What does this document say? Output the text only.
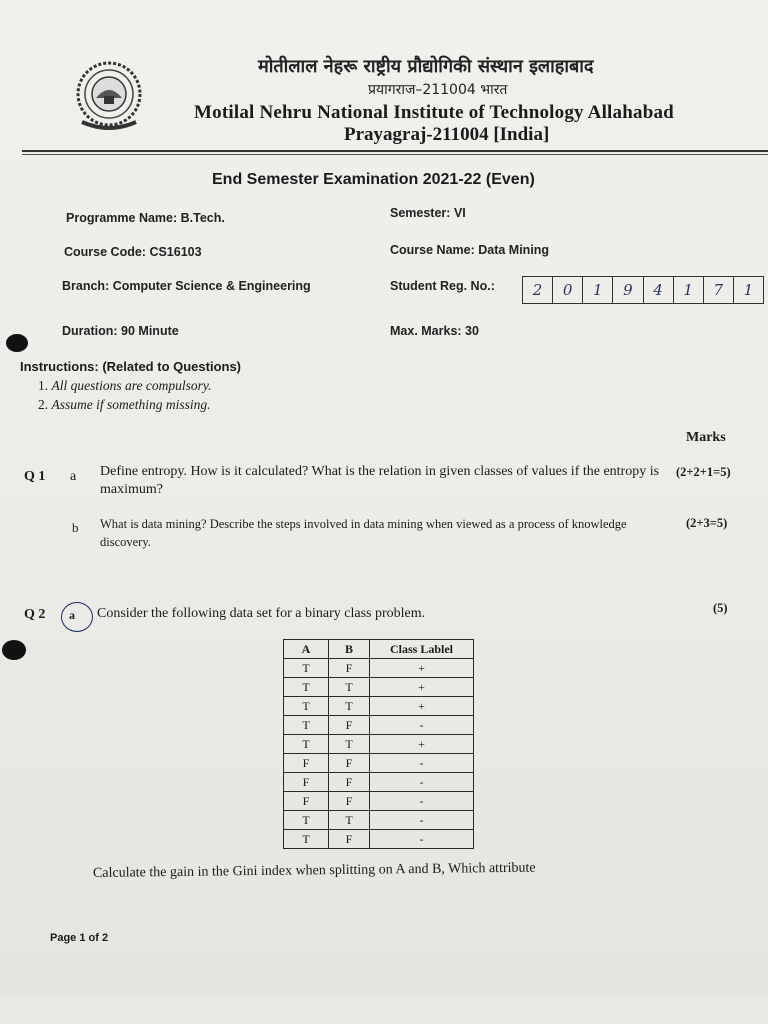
मोतीलाल नेहरू राष्ट्रीय प्रौद्योगिकी संस्थान इलाहाबाद
प्रयागराज–211004 भारत
Motilal Nehru National Institute of Technology Allahabad
Prayagraj-211004 [India]
End Semester Examination 2021-22 (Even)
Programme Name: B.Tech.	Semester: VI
Course Code: CS16103	Course Name: Data Mining
Branch: Computer Science & Engineering	Student Reg. No.:	2	0	1	9	4	1	7	1
Duration: 90 Minute	Max. Marks: 30
Instructions: (Related to Questions)
1. All questions are compulsory.
2. Assume if something missing.
Marks
Q 1 a Define entropy. How is it calculated? What is the relation in given classes of values if the entropy is maximum?
(2+2+1=5)
b What is data mining? Describe the steps involved in data mining when viewed as a process of knowledge discovery.
(2+3=5)
Q 2 a Consider the following data set for a binary class problem.	(5)
A	B	Class Lablel
T	F	+
T	T	+
T	T	+
T	F	-
T	T	+
F	F	-
F	F	-
F	F	-
T	T	-
T	F	-
Calculate the gain in the Gini index when splitting on A and B, Which attribute
Page 1 of 2
